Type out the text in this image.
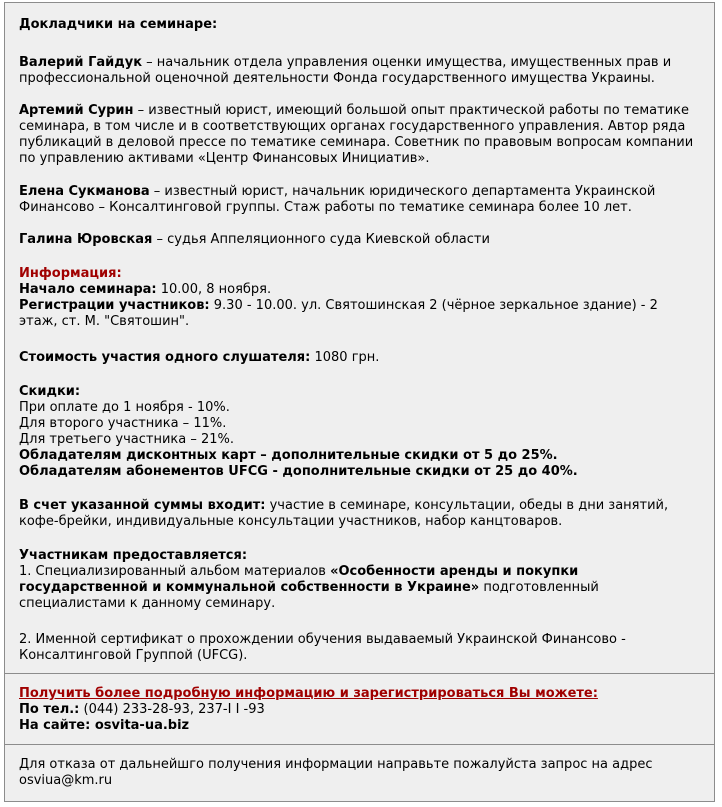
Докладчики на семинаре:
Валерий Гайдук – начальник отдела управления оценки имущества, имущественных прав и
профессиональной оценочной деятельности Фонда государственного имущества Украины.
Артемий Сурин – известный юрист, имеющий большой опыт практической работы по тематике
семинара, в том числе и в соответствующих органах государственного управления. Автор ряда
публикаций в деловой прессе по тематике семинара. Советник по правовым вопросам компании
по управлению активами «Центр Финансовых Инициатив».
Елена Сукманова – известный юрист, начальник юридического департамента Украинской
Финансово – Консалтинговой группы. Стаж работы по тематике семинара более 10 лет.
Галина Юровская – судья Аппеляционного суда Киевской области
Информация:
Начало семинара: 10.00, 8 ноября.
Регистрации участников: 9.30 - 10.00. ул. Святошинская 2 (чёрное зеркальное здание) - 2
этаж, ст. М. "Святошин".
Стоимость участия одного слушателя: 1080 грн.
Скидки:
При оплате до 1 ноября - 10%.
Для второго участника – 11%.
Для третьего участника – 21%.
Обладателям дисконтных карт – дополнительные скидки от 5 до 25%.
Обладателям абонементов UFCG - дополнительные скидки от 25 до 40%.
В счет указанной суммы входит: участие в семинаре, консультации, обеды в дни занятий,
кофе-брейки, индивидуальные консультации участников, набор канцтоваров.
Участникам предоставляется:
1. Специализированный альбом материалов «Особенности аренды и покупки
государственной и коммунальной собственности в Украине» подготовленный
специалистами к данному семинару.
2. Именной сертификат о прохождении обучения выдаваемый Украинской Финансово -
Консалтинговой Группой (UFCG).
Получить более подробную информацию и зарегистрироваться Вы можете:
По тел.: (044) 233-28-93, 237-I I -93
На сайте: osvita-ua.biz
Для отказа от дальнейшго получения информации направьте пожалуйста запрос на адрес
osviua@km.ru
